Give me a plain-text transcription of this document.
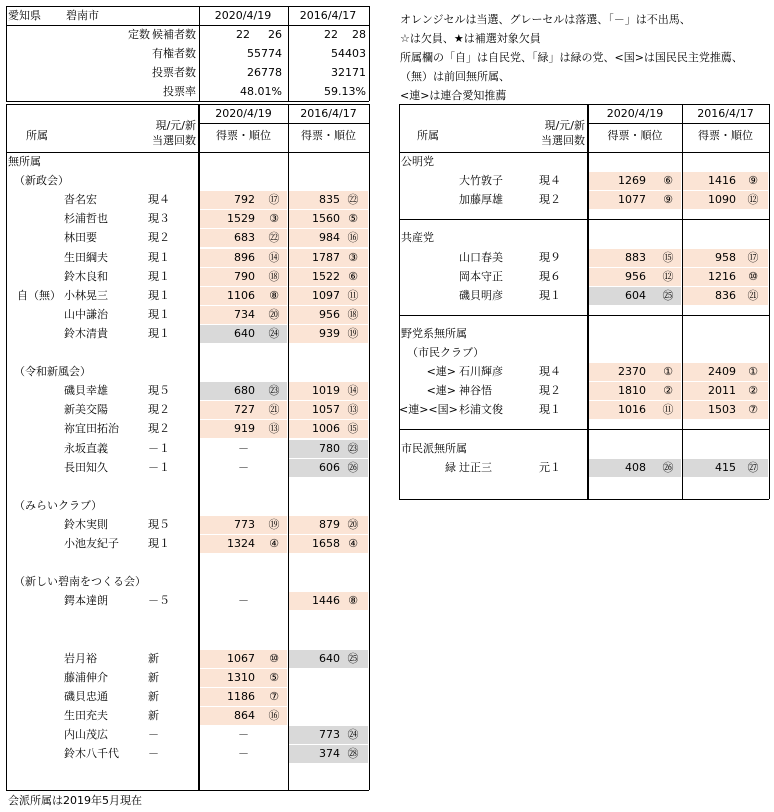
愛知県 碧南市	2020/4/19	2016/4/17
定数 候補者数	22	26	22	28
有権者数	55774	54403
投票者数	26778	32171
投票率	48.01%	59.13%
オレンジセルは当選、グレーセルは落選、「－」は不出馬、
☆は欠員、★は補選対象欠員
所属欄の「自」は自民党、「緑」は緑の党、<国>は国民民主党推薦、
（無）は前回無所属、
<連>は連合愛知推薦
2020/4/19	2016/4/17
所属
現/元/新
当選回数	得票・順位	得票・順位
無所属
（新政会）
沓名宏	現４	792	⑰	835 ㉒
杉浦哲也	現３	1529	③	1560 ⑤
林田要	現２	683	㉒	984 ⑯
生田綱夫	現１	896	⑭	1787 ③
鈴木良和	現１	790	⑱	1522 ⑥
自（無） 小林晃三	現１	1106	⑧	1097 ⑪
山中謙治	現１	734	⑳	956 ⑱
鈴木清貴	現１	640	㉔	939 ⑲
（令和新風会）
磯貝幸雄	現５	680	㉓	1019 ⑭
新美交陽	現２	727	㉑	1057 ⑬
祢宜田拓治	現２	919	⑬	1006 ⑮
永坂直義	－１	－	780 ㉓
長田知久	－１	－	606 ㉖
（みらいクラブ）
鈴木実則	現５	773	⑲	879 ⑳
小池友紀子	現１	1324	④	1658 ④
（新しい碧南をつくる会）
鍔本達朗	－５	－	1446 ⑧
岩月裕	新	1067	⑩	640 ㉕
藤浦伸介	新	1310	⑤
磯貝忠通	新	1186	⑦
生田充夫	新	864	⑯
内山茂広	－	－	773 ㉔
鈴木八千代	－	－	374 ㉘
2020/4/19	2016/4/17
所属
現/元/新
当選回数	得票・順位	得票・順位
公明党
大竹敦子	現４	1269	⑥	1416	⑨
加藤厚雄	現２	1077	⑨	1090	⑫
共産党
山口春美	現９	883	⑮	958	⑰
岡本守正	現６	956	⑫	1216	⑩
磯貝明彦	現１	604	㉕	836	㉑
野党系無所属
（市民クラブ）
<連> 石川輝彦	現４	2370	①	2409	①
<連> 神谷悟	現２	1810	②	2011	②
<連><国> 杉浦文俊	現１	1016	⑪	1503	⑦
市民派無所属
緑 辻正三	元１	408	㉖	415	㉗
会派所属は2019年5月現在
